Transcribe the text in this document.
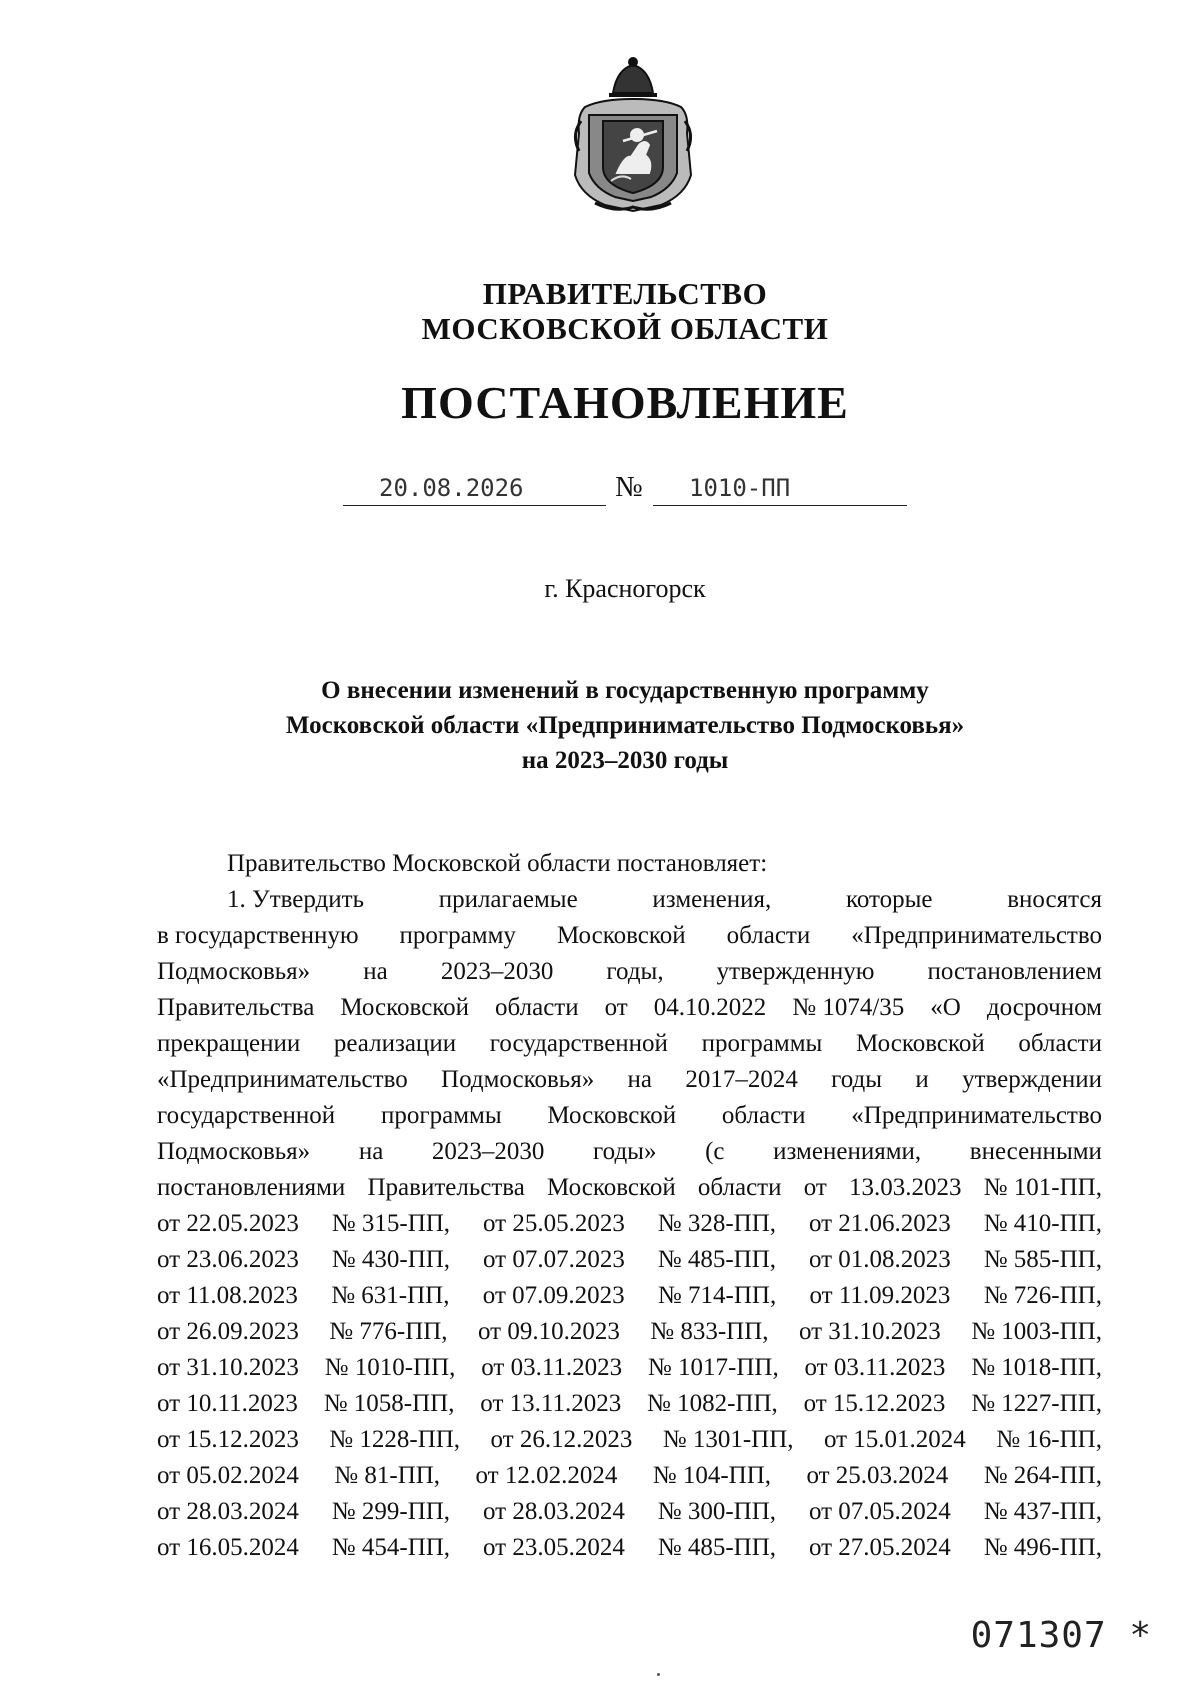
ПРАВИТЕЛЬСТВО
МОСКОВСКОЙ ОБЛАСТИ
ПОСТАНОВЛЕНИЕ
20.08.2026	№ 1010-ПП
г. Красногорск
О внесении изменений в государственную программу
Московской области «Предпринимательство Подмосковья»
на 2023–2030 годы
Правительство Московской области постановляет:
1. Утвердить	прилагаемые	изменения,	которые	вносятся
в государственную программу Московской области «Предпринимательство
Подмосковья» на 2023–2030 годы, утвержденную постановлением
Правительства Московской области от 04.10.2022 № 1074/35 «О досрочном
прекращении реализации государственной программы Московской области
«Предпринимательство Подмосковья» на 2017–2024 годы и утверждении
государственной программы Московской области «Предпринимательство
Подмосковья» на 2023–2030 годы» (с изменениями, внесенными
постановлениями Правительства Московской области от 13.03.2023 № 101-ПП,
от 22.05.2023 № 315-ПП, от 25.05.2023 № 328-ПП, от 21.06.2023 № 410-ПП,
от 23.06.2023 № 430-ПП, от 07.07.2023 № 485-ПП, от 01.08.2023 № 585-ПП,
от 11.08.2023 № 631-ПП, от 07.09.2023 № 714-ПП, от 11.09.2023 № 726-ПП,
от 26.09.2023 № 776-ПП, от 09.10.2023 № 833-ПП, от 31.10.2023 № 1003-ПП,
от 31.10.2023 № 1010-ПП, от 03.11.2023 № 1017-ПП, от 03.11.2023 № 1018-ПП,
от 10.11.2023 № 1058-ПП, от 13.11.2023 № 1082-ПП, от 15.12.2023 № 1227-ПП,
от 15.12.2023 № 1228-ПП, от 26.12.2023 № 1301-ПП, от 15.01.2024 № 16-ПП,
от 05.02.2024 № 81-ПП, от 12.02.2024 № 104-ПП, от 25.03.2024 № 264-ПП,
от 28.03.2024 № 299-ПП, от 28.03.2024 № 300-ПП, от 07.05.2024 № 437-ПП,
от 16.05.2024 № 454-ПП, от 23.05.2024 № 485-ПП, от 27.05.2024 № 496-ПП,
071307 *
